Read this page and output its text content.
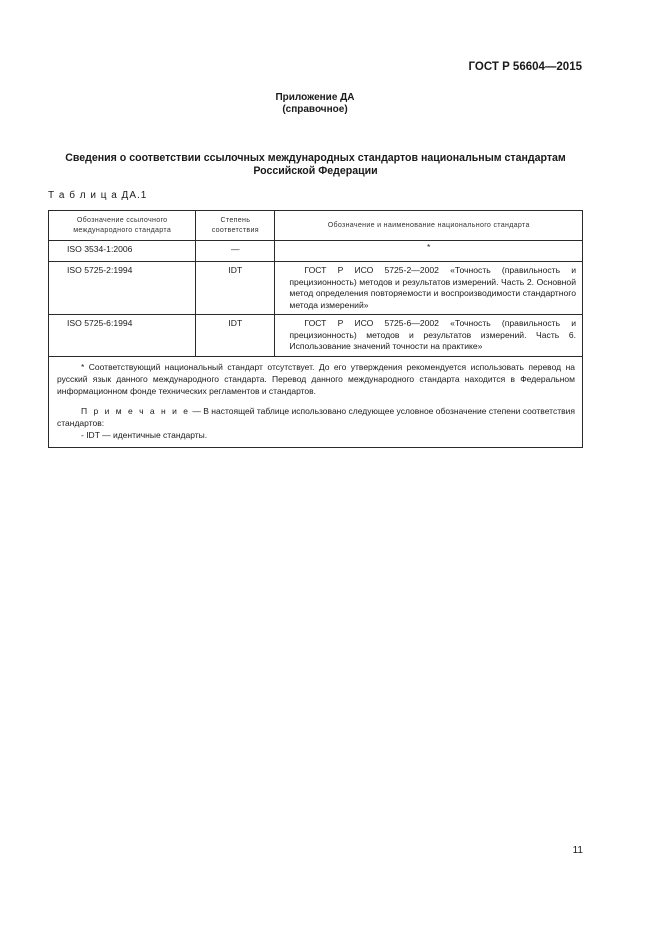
ГОСТ Р 56604—2015
Приложение ДА
(справочное)
Сведения о соответствии ссылочных международных стандартов национальным стандартам Российской Федерации
Т а б л и ц а ДА.1
Обозначение ссылочного международного стандарта	Степень соответствия	Обозначение и наименование национального стандарта
ISO 3534-1:2006	—	*
ISO 5725-2:1994	IDT	ГОСТ Р ИСО 5725-2—2002 «Точность (правильность и прецизионность) методов и результатов измерений. Часть 2. Основной метод определения повторяемости и воспроизводимости стандартного метода измерений»

ISO 5725-6:1994	IDT	ГОСТ Р ИСО 5725-6—2002 «Точность (правильность и прецизионность) методов и результатов измерений. Часть 6. Использование значений точности на практике»

* Соответствующий национальный стандарт отсутствует. До его утверждения рекомендуется использовать перевод на русский язык данного международного стандарта. Перевод данного международного стандарта находится в Федеральном информационном фонде технических регламентов и стандартов.

П р и м е ч а н и е — В настоящей таблице использовано следующее условное обозначение степени соответствия стандартов:

- IDT — идентичные стандарты.		

11
